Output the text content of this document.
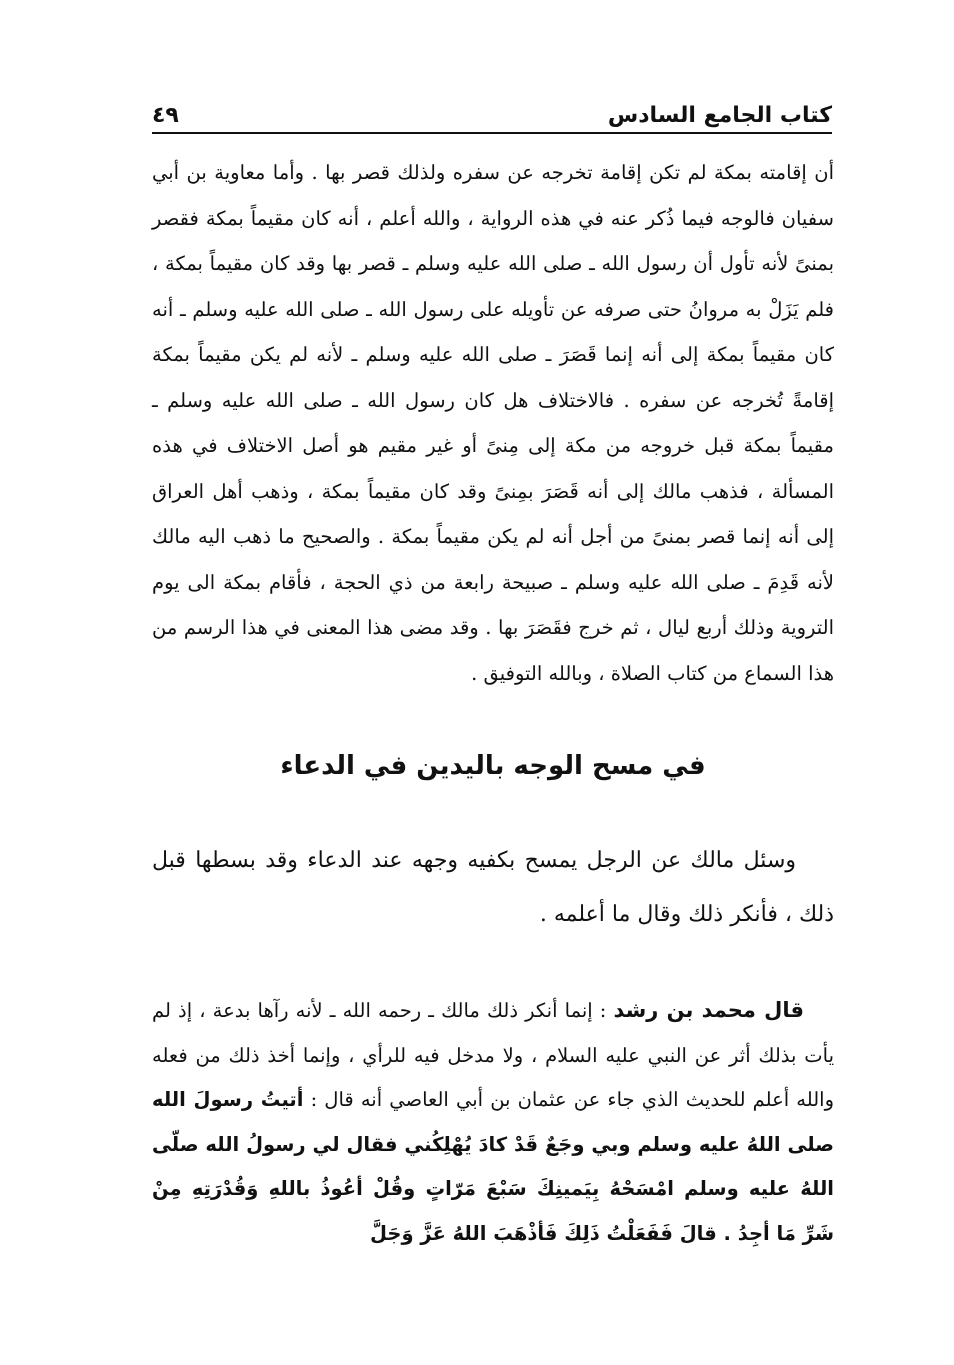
كتاب الجامع السادس
٤٩

أن إقامته بمكة لم تكن إقامة تخرجه عن سفره ولذلك قصر بها . وأما معاوية بن أبي سفيان فالوجه فيما ذُكر عنه في هذه الرواية ، والله أعلم ، أنه كان مقيماً بمكة فقصر بمنىً لأنه تأول أن رسول الله ـ صلى الله عليه وسلم ـ قصر بها وقد كان مقيماً بمكة ، فلم يَزَلْ به مروانُ حتى صرفه عن تأويله على رسول الله ـ صلى الله عليه وسلم ـ أنه كان مقيماً بمكة إلى أنه إنما قَصَرَ ـ صلى الله عليه وسلم ـ لأنه لم يكن مقيماً بمكة إقامةً تُخرجه عن سفره . فالاختلاف هل كان رسول الله ـ صلى الله عليه وسلم ـ مقيماً بمكة قبل خروجه من مكة إلى مِنىً أو غير مقيم هو أصل الاختلاف في هذه المسألة ، فذهب مالك إلى أنه قَصَرَ بمِنىً وقد كان مقيماً بمكة ، وذهب أهل العراق إلى أنه إنما قصر بمنىً من أجل أنه لم يكن مقيماً بمكة . والصحيح ما ذهب اليه مالك لأنه قَدِمَ ـ صلى الله عليه وسلم ـ صبيحة رابعة من ذي الحجة ، فأقام بمكة الى يوم التروية وذلك أربع ليال ، ثم خرج فقَصَرَ بها . وقد مضى هذا المعنى في هذا الرسم من هذا السماع من كتاب الصلاة ، وبالله التوفيق .

في مسح الوجه باليدين في الدعاء

وسئل مالك عن الرجل يمسح بكفيه وجهه عند الدعاء وقد بسطها قبل ذلك ، فأنكر ذلك وقال ما أعلمه .

قال محمد بن رشد : إنما أنكر ذلك مالك ـ رحمه الله ـ لأنه رآها بدعة ، إذ لم يأت بذلك أثر عن النبي عليه السلام ، ولا مدخل فيه للرأي ، وإنما أخذ ذلك من فعله والله أعلم للحديث الذي جاء عن عثمان بن أبي العاصي أنه قال : أتيتُ رسولَ الله صلى اللهُ عليه وسلم وبي وجَعٌ قَدْ كادَ يُهْلِكُني فقال لي رسولُ الله صلّى اللهُ عليه وسلم امْسَحْهُ بِيَمينِكَ سَبْعَ مَرّاتٍ وقُلْ أعُوذُ باللهِ وَقُدْرَتِهِ مِنْ شَرِّ مَا أجِدُ . قالَ فَفَعَلْتُ ذَلِكَ فَأذْهَبَ اللهُ عَزَّ وَجَلَّ
